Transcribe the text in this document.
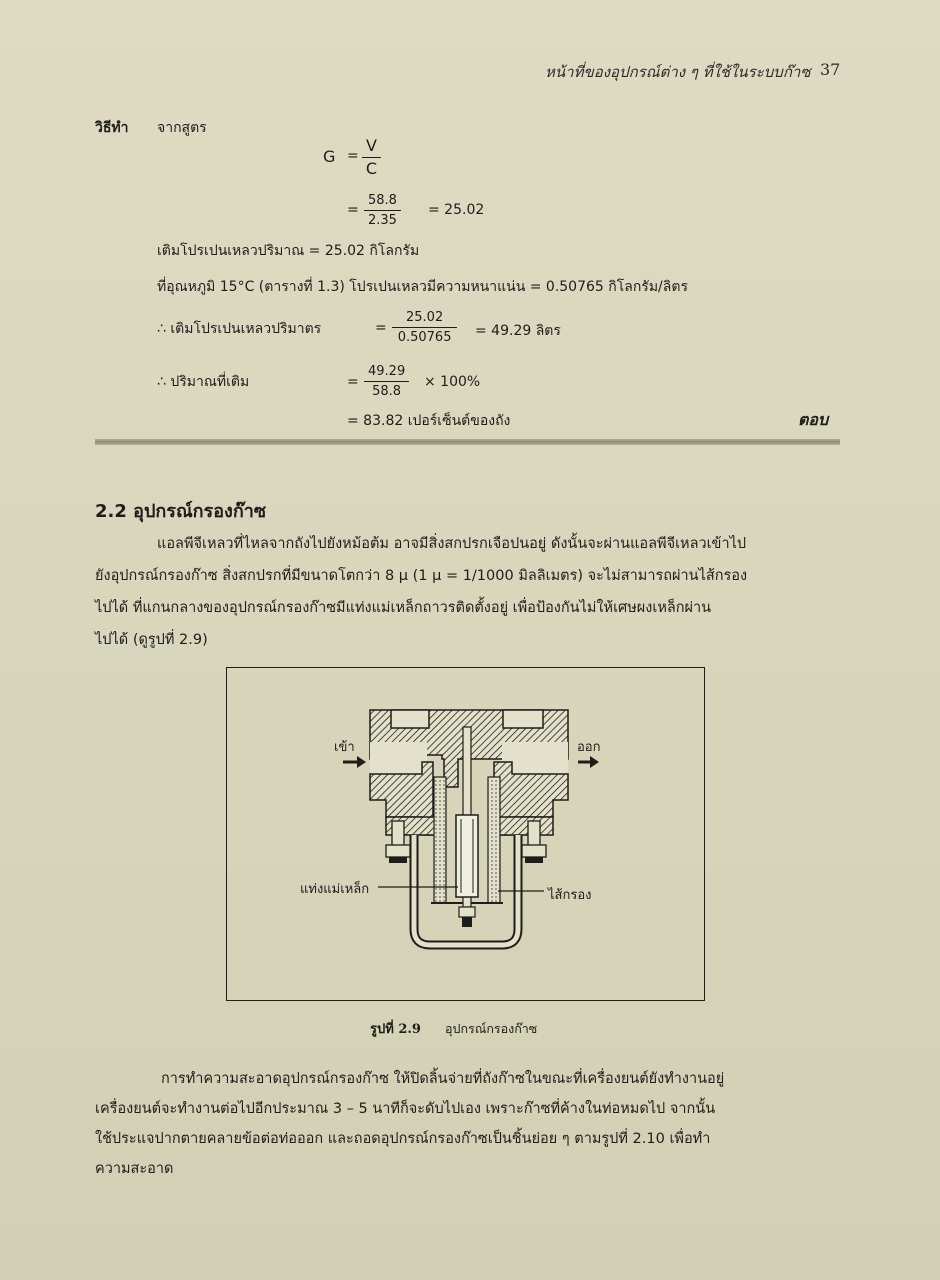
หน้าที่ของอุปกรณ์ต่าง ๆ ที่ใช้ในระบบก๊าซ 37
วิธีทำ จากสูตร
$G = \frac{V}{C}$
= $\frac{58.8}{2.35} = 25.02$
เติมโปรเปนเหลวปริมาณ = 25.02 กิโลกรัม
ที่อุณหภูมิ 15°C (ตารางที่ 1.3) โปรเปนเหลวมีความหนาแน่น = 0.50765 กิโลกรัม/ลิตร
∴ เติมโปรเปนเหลวปริมาตร	= $\frac{25.02}{0.50765} = 49.29$ ลิตร
∴ ปริมาณที่เติม	= $\frac{49.29}{58.8} \times 100\%$
= 83.82 เปอร์เซ็นต์ของถัง	ตอบ
2.2 อุปกรณ์กรองก๊าซ

แอลพีจีเหลวที่ไหลจากถังไปยังหม้อต้ม อาจมีสิ่งสกปรกเจือปนอยู่ ดังนั้นจะผ่านแอลพีจีเหลวเข้าไป

ยังอุปกรณ์กรองก๊าซ สิ่งสกปรกที่มีขนาดโตกว่า 8 μ (1 μ = 1/1000 มิลลิเมตร) จะไม่สามารถผ่านไส้กรอง

ไปได้ ที่แกนกลางของอุปกรณ์กรองก๊าซมีแท่งแม่เหล็กถาวรติดตั้งอยู่ เพื่อป้องกันไม่ให้เศษผงเหล็กผ่าน

ไปได้ (ดูรูปที่ 2.9)

เข้า	ออก
แท่งแม่เหล็ก	ไส้กรอง
รูปที่ 2.9 อุปกรณ์กรองก๊าซ

การทำความสะอาดอุปกรณ์กรองก๊าซ ให้ปิดลิ้นจ่ายที่ถังก๊าซในขณะที่เครื่องยนต์ยังทำงานอยู่

เครื่องยนต์จะทำงานต่อไปอีกประมาณ 3 – 5 นาทีก็จะดับไปเอง เพราะก๊าซที่ค้างในท่อหมดไป จากนั้น

ใช้ประแจปากตายคลายข้อต่อท่อออก และถอดอุปกรณ์กรองก๊าซเป็นชิ้นย่อย ๆ ตามรูปที่ 2.10 เพื่อทำ

ความสะอาด
